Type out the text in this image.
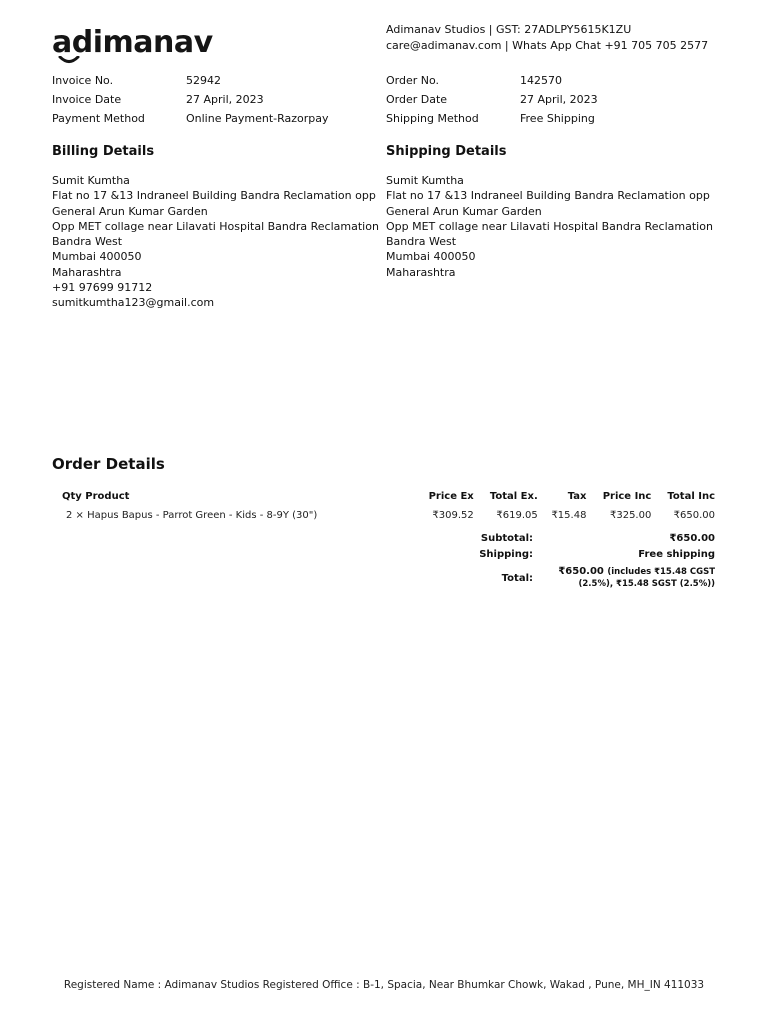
adimanav	Adimanav Studios | GST: 27ADLPY5615K1ZU
care@adimanav.com | Whats App Chat +91 705 705 2577
Invoice No.	52942
Invoice Date	27 April, 2023
Payment Method	Online Payment-Razorpay
Order No.	142570
Order Date	27 April, 2023
Shipping Method	Free Shipping
Billing Details
Sumit Kumtha
Flat no 17 &13 Indraneel Building Bandra Reclamation opp
General Arun Kumar Garden
Opp MET collage near Lilavati Hospital Bandra Reclamation
Bandra West
Mumbai 400050
Maharashtra
+91 97699 91712
sumitkumtha123@gmail.com
Shipping Details
Sumit Kumtha
Flat no 17 &13 Indraneel Building Bandra Reclamation opp
General Arun Kumar Garden
Opp MET collage near Lilavati Hospital Bandra Reclamation
Bandra West
Mumbai 400050
Maharashtra
Order Details
Qty Product	Price Ex	Total Ex.	Tax	Price Inc	Total Inc
2 × Hapus Bapus - Parrot Green - Kids - 8-9Y (30")	₹309.52	₹619.05	₹15.48	₹325.00	₹650.00
Subtotal:	₹650.00
Shipping:	Free shipping
Total:	₹650.00 (includes ₹15.48 CGST
(2.5%), ₹15.48 SGST (2.5%))
Registered Name : Adimanav Studios Registered Office : B-1, Spacia, Near Bhumkar Chowk, Wakad , Pune, MH_IN 411033
